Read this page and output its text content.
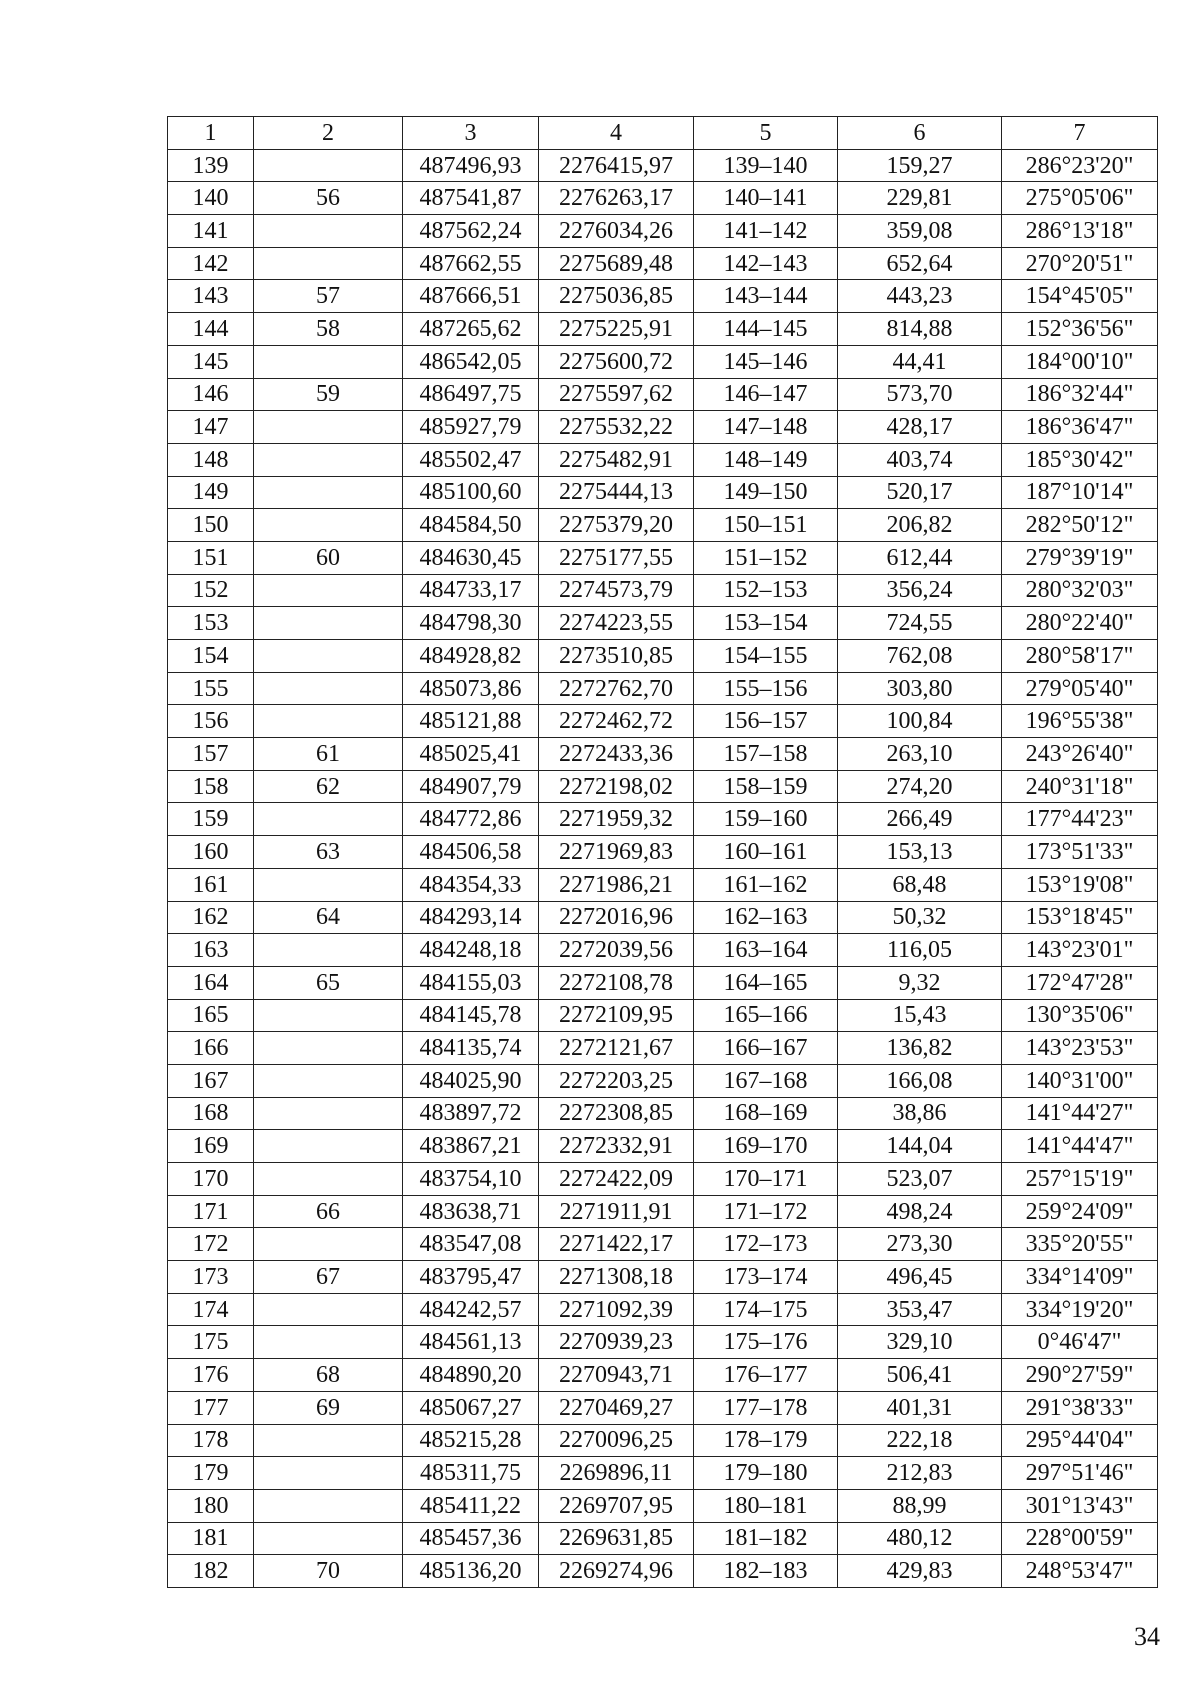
1	2	3	4	5	6	7
139		487496,93	2276415,97	139–140	159,27	286°23'20"
140	56	487541,87	2276263,17	140–141	229,81	275°05'06"
141		487562,24	2276034,26	141–142	359,08	286°13'18"
142		487662,55	2275689,48	142–143	652,64	270°20'51"
143	57	487666,51	2275036,85	143–144	443,23	154°45'05"
144	58	487265,62	2275225,91	144–145	814,88	152°36'56"
145		486542,05	2275600,72	145–146	44,41	184°00'10"
146	59	486497,75	2275597,62	146–147	573,70	186°32'44"
147		485927,79	2275532,22	147–148	428,17	186°36'47"
148		485502,47	2275482,91	148–149	403,74	185°30'42"
149		485100,60	2275444,13	149–150	520,17	187°10'14"
150		484584,50	2275379,20	150–151	206,82	282°50'12"
151	60	484630,45	2275177,55	151–152	612,44	279°39'19"
152		484733,17	2274573,79	152–153	356,24	280°32'03"
153		484798,30	2274223,55	153–154	724,55	280°22'40"
154		484928,82	2273510,85	154–155	762,08	280°58'17"
155		485073,86	2272762,70	155–156	303,80	279°05'40"
156		485121,88	2272462,72	156–157	100,84	196°55'38"
157	61	485025,41	2272433,36	157–158	263,10	243°26'40"
158	62	484907,79	2272198,02	158–159	274,20	240°31'18"
159		484772,86	2271959,32	159–160	266,49	177°44'23"
160	63	484506,58	2271969,83	160–161	153,13	173°51'33"
161		484354,33	2271986,21	161–162	68,48	153°19'08"
162	64	484293,14	2272016,96	162–163	50,32	153°18'45"
163		484248,18	2272039,56	163–164	116,05	143°23'01"
164	65	484155,03	2272108,78	164–165	9,32	172°47'28"
165		484145,78	2272109,95	165–166	15,43	130°35'06"
166		484135,74	2272121,67	166–167	136,82	143°23'53"
167		484025,90	2272203,25	167–168	166,08	140°31'00"
168		483897,72	2272308,85	168–169	38,86	141°44'27"
169		483867,21	2272332,91	169–170	144,04	141°44'47"
170		483754,10	2272422,09	170–171	523,07	257°15'19"
171	66	483638,71	2271911,91	171–172	498,24	259°24'09"
172		483547,08	2271422,17	172–173	273,30	335°20'55"
173	67	483795,47	2271308,18	173–174	496,45	334°14'09"
174		484242,57	2271092,39	174–175	353,47	334°19'20"
175		484561,13	2270939,23	175–176	329,10	0°46'47"
176	68	484890,20	2270943,71	176–177	506,41	290°27'59"
177	69	485067,27	2270469,27	177–178	401,31	291°38'33"
178		485215,28	2270096,25	178–179	222,18	295°44'04"
179		485311,75	2269896,11	179–180	212,83	297°51'46"
180		485411,22	2269707,95	180–181	88,99	301°13'43"
181		485457,36	2269631,85	181–182	480,12	228°00'59"
182	70	485136,20	2269274,96	182–183	429,83	248°53'47"
34
